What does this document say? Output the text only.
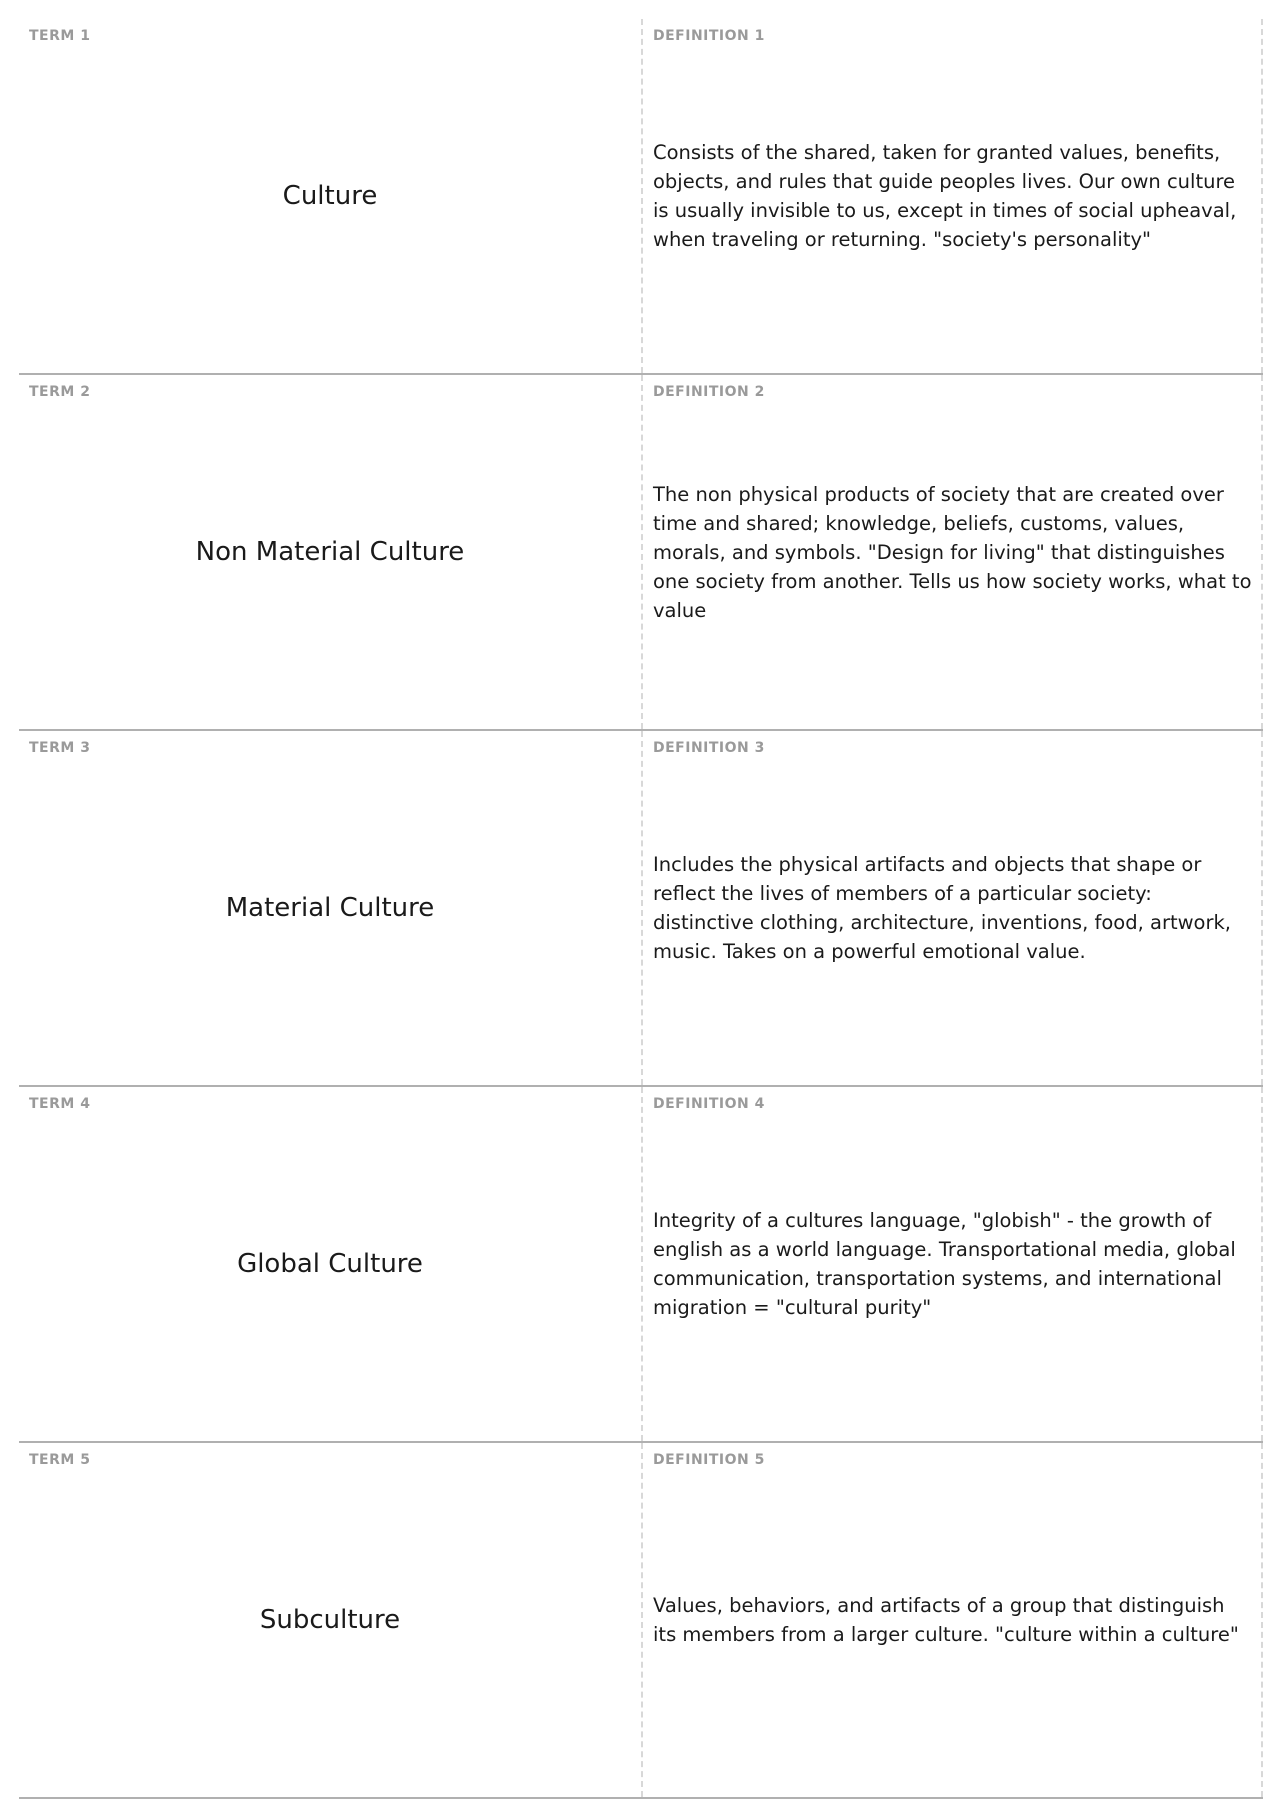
TERM 1
Culture
DEFINITION 1
Consists of the shared, taken for granted values, benefits, objects, and rules that guide peoples lives. Our own culture is usually invisible to us, except in times of social upheaval, when traveling or returning. "society's personality"
TERM 2
Non Material Culture
DEFINITION 2
The non physical products of society that are created over time and shared; knowledge, beliefs, customs, values, morals, and symbols. "Design for living" that distinguishes one society from another. Tells us how society works, what to value
TERM 3
Material Culture
DEFINITION 3
Includes the physical artifacts and objects that shape or reflect the lives of members of a particular society: distinctive clothing, architecture, inventions, food, artwork, music. Takes on a powerful emotional value.
TERM 4
Global Culture
DEFINITION 4
Integrity of a cultures language, "globish" - the growth of english as a world language. Transportational media, global communication, transportation systems, and international migration = "cultural purity"
TERM 5
Subculture
DEFINITION 5
Values, behaviors, and artifacts of a group that distinguish its members from a larger culture. "culture within a culture"
